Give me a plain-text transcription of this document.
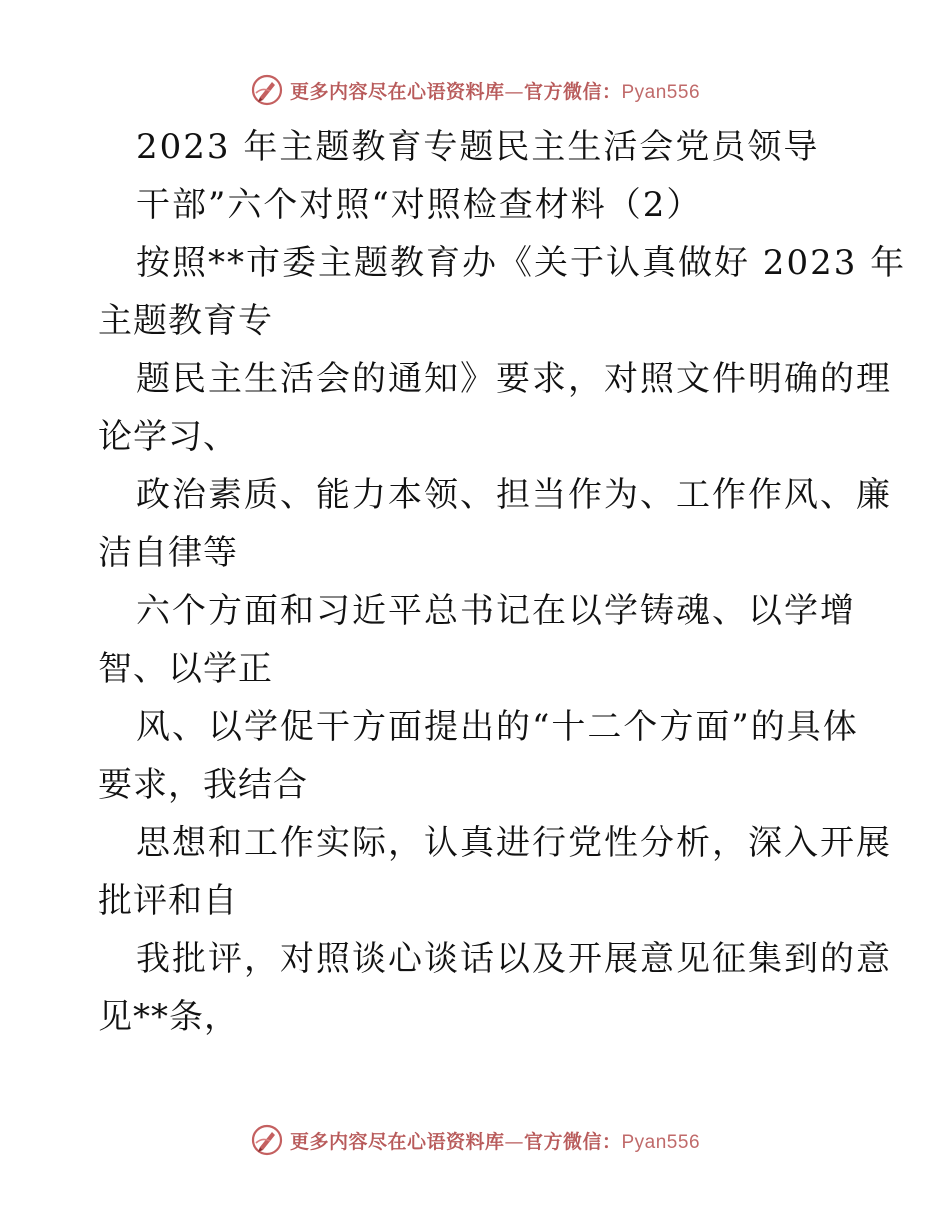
更多内容尽在心语资料库—官方微信：Pyan556
2023 年主题教育专题民主生活会党员领导
干部”六个对照“对照检查材料（2）
按照**市委主题教育办《关于认真做好 2023 年
主题教育专
题民主生活会的通知》要求，对照文件明确的理
论学习、
政治素质、能力本领、担当作为、工作作风、廉
洁自律等
六个方面和习近平总书记在以学铸魂、以学增
智、以学正
风、以学促干方面提出的“十二个方面”的具体
要求，我结合
思想和工作实际，认真进行党性分析，深入开展
批评和自
我批评，对照谈心谈话以及开展意见征集到的意
见**条，
更多内容尽在心语资料库—官方微信：Pyan556
